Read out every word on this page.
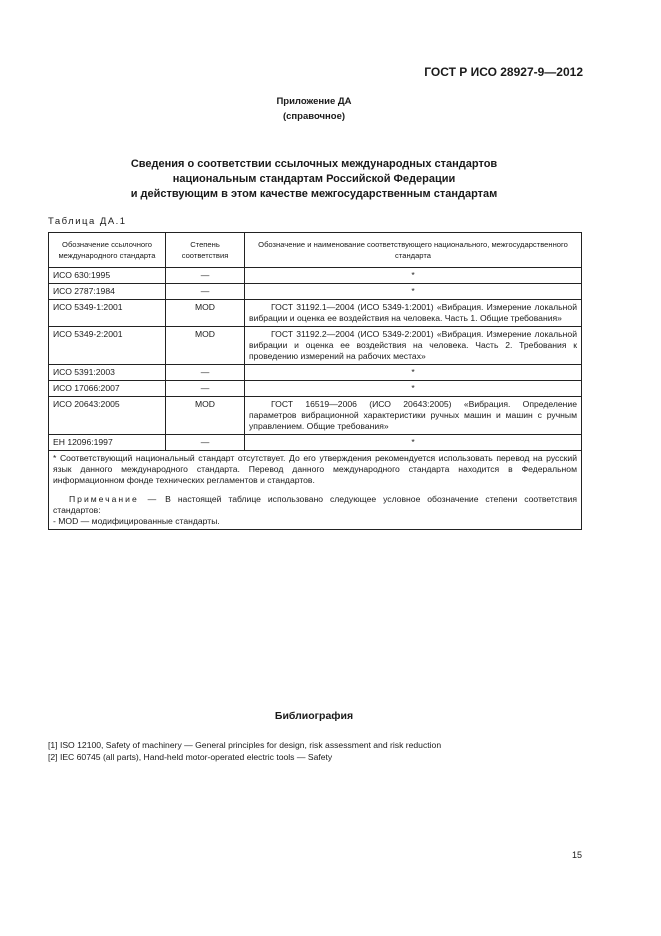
ГОСТ Р ИСО 28927-9—2012
Приложение ДА
(справочное)
Сведения о соответствии ссылочных международных стандартов
национальным стандартам Российской Федерации
и действующим в этом качестве межгосударственным стандартам
Таблица ДА.1
Обозначение ссылочного международного стандарта	Степень соответствия	Обозначение и наименование соответствующего национального, межгосударственного стандарта
ИСО 630:1995	—	*
ИСО 2787:1984	—	*
ИСО 5349-1:2001	MOD	ГОСТ 31192.1—2004 (ИСО 5349-1:2001) «Вибрация. Измерение локальной вибрации и оценка ее воздействия на человека. Часть 1. Общие требования»

ИСО 5349-2:2001	MOD	ГОСТ 31192.2—2004 (ИСО 5349-2:2001) «Вибрация. Измерение локальной вибрации и оценка ее воздействия на человека. Часть 2. Требования к проведению измерений на рабочих местах»

ИСО 5391:2003	—	*
ИСО 17066:2007	—	*
ИСО 20643:2005	MOD	ГОСТ 16519—2006 (ИСО 20643:2005) «Вибрация. Определение параметров вибрационной характеристики ручных машин и машин с ручным управлением. Общие требования»

ЕН 12096:1997	—	*

* Соответствующий национальный стандарт отсутствует. До его утверждения рекомендуется использовать перевод на русский язык данного международного стандарта. Перевод данного международного стандарта находится в Федеральном информационном фонде технических регламентов и стандартов.
Примечание — В настоящей таблице использовано следующее условное обозначение степени соответствия стандартов:
- MOD — модифицированные стандарты.		
Библиография
[1] ISO 12100, Safety of machinery — General principles for design, risk assessment and risk reduction
[2] IEC 60745 (all parts), Hand-held motor-operated electric tools — Safety
15
